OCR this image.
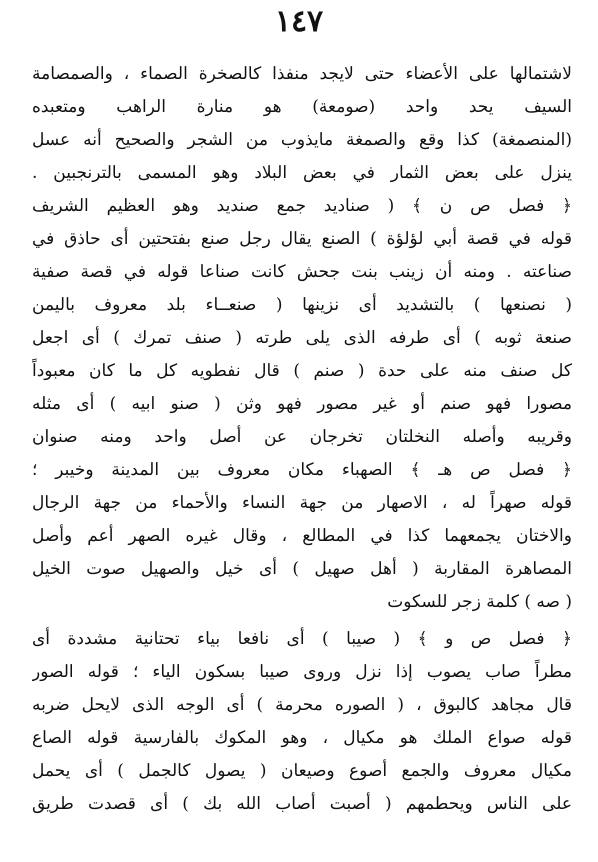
١٤٧
لاشتمالها على الأعضاء حتى لايجد منفذا كالصخرة الصماء ، والصمصامة
السيف يحد واحد (صومعة) هو منارة الراهب ومتعبده
(المنصمغة) كذا وقع والصمغة مايذوب من الشجر والصحيح أنه عسل
ينزل على بعض الثمار في بعض البلاد وهو المسمى بالترنجبين .
﴿ فصل ص ن ﴾ ( صناديد جمع صنديد وهو العظيم الشريف
قوله في قصة أبي لؤلؤة ) الصنع يقال رجل صنع بفتحتين أى حاذق في
صناعته . ومنه أن زينب بنت جحش كانت صناعا قوله في قصة صفية
( نصنعها ) بالتشديد أى نزينها ( صنعــاء بلد معروف باليمن
صنعة ثوبه ) أى طرفه الذى يلى طرته ( صنف تمرك ) أى اجعل
كل صنف منه على حدة ( صنم ) قال نفطويه كل ما كان معبوداً
مصورا فهو صنم أو غير مصور فهو وثن ( صنو ابيه ) أى مثله
وقريبه وأصله النخلتان تخرجان عن أصل واحد ومنه صنوان
﴿ فصل ص هـ ﴾ الصهباء مكان معروف بين المدينة وخيبر ؛
قوله صهراً له ، الاصهار من جهة النساء والأحماء من جهة الرجال
والاختان يجمعهما كذا في المطالع ، وقال غيره الصهر أعم وأصل
المصاهرة المقاربة ( أهل صهيل ) أى خيل والصهيل صوت الخيل
( صه ) كلمة زجر للسكوت
﴿ فصل ص و ﴾ ( صيبا ) أى نافعا بياء تحتانية مشددة أى
مطراً صاب يصوب إذا نزل وروى صيبا بسكون الياء ؛ قوله الصور
قال مجاهد كالبوق ، ( الصوره محرمة ) أى الوجه الذى لايحل ضربه
قوله صواع الملك هو مكيال ، وهو المكوك بالفارسية قوله الصاع
مكيال معروف والجمع أصوع وصيعان ( يصول كالجمل ) أى يحمل
على الناس ويحطمهم ( أصبت أصاب الله بك ) أى قصدت طريق
